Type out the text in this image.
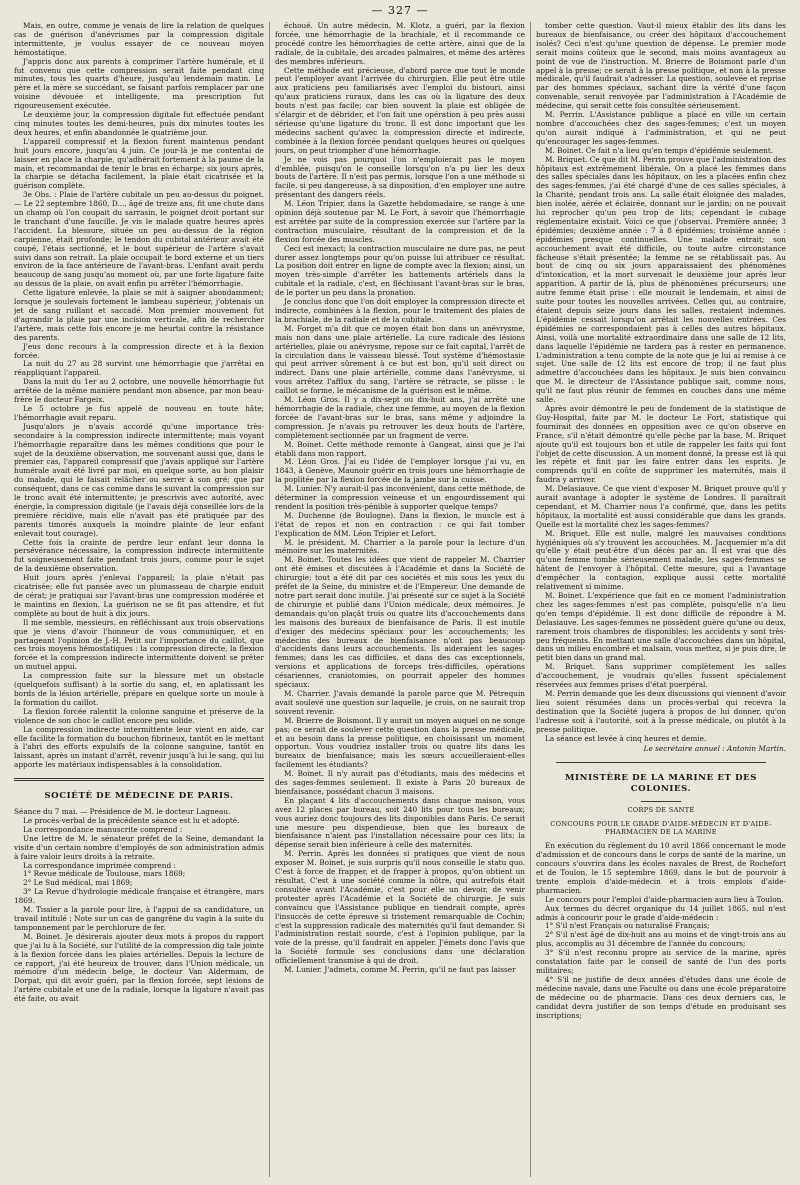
— 327 —

Mais, en outre, comme je venais de lire la relation de quelques cas de guérison d'anévrismes par la compression digitale intermittente, je voulus essayer de ce nouveau moyen hémostatique.

J'appris donc aux parents à comprimer l'artère humérale, et il fut convenu que cette compression serait faite pendant cinq minutes, tous les quarts d'heure, jusqu'au lendemain matin. Le père et la mère se succédant, se faisant parfois remplacer par une voisine dévouée et intelligente, ma prescription fut rigoureusement exécutée.

Le deuxième jour, la compression digitale fut effectuée pendant cinq minutes toutes les demi-heures, puis dix minutes toutes les deux heures, et enfin abandonnée le quatrième jour.

L'appareil compressif et la flexion furent maintenus pendant huit jours encore, jusqu'au 4 juin. Ce jour-là je me contentai de laisser en place la charpie, qu'adhérait fortement à la paume de la main, et recommandai de tenir le bras en écharpe; six jours après, la charpie se détacha facilement, la plaie était cicatrisée et la guérison complète.

3e Obs. : Plaie de l'artère cubitale un peu au-dessus du poignet. — Le 22 septembre 1860, D..., âgé de treize ans, fit une chute dans un champ où l'on coupait du sarrasin, le poignet droit portant sur le tranchant d'une faucille. Je vis le malade quatre heures après l'accident. La blessure, située un peu au-dessus de la région carpienne, était profonde; le tendon du cubital antérieur avait été coupé, l'étais sectionné, et le bout supérieur de l'artère s'avait suivi dans son retrait. La plaie occupait le bord externe et un tiers environ de la face antérieure de l'avant-bras. L'enfant avait perdu beaucoup de sang jusqu'au moment où, par une forte ligature faite au dessus de la plaie, on avait enfin pu arrêter l'hémorrhagie.

Cette ligature enlevée, la plaie se mit à saigner abondamment; lorsque je soulevais fortement le lambeau supérieur, j'obtenais un jet de sang ruillant et saccadé. Mon premier mouvement fut d'agrandir la plaie par une incision verticale, afin de rechercher l'artère, mais cette fois encore je me heurtai contre la résistance des parents.

J'eus donc recours à la compression directe et à la flexion forcée.

La nuit du 27 au 28 survint une hémorrhagie que j'arrêtai en réappliquant l'appareil.

Dans la nuit du 1er au 2 octobre, une nouvelle hémorrhagie fut arrêtée de la même manière pendant mon absence, par mon beau-frère le docteur Fargeix.

Le 5 octobre je fus appelé de nouveau en toute hâte; l'hémorrhagie avait reparu.

Jusqu'alors je n'avais accordé qu'une importance très-secondaire à la compression indirecte intermittente; mais voyant l'hémorrhagie reparaître dans les mêmes conditions que pour le sujet de la deuxième observation, me souvenant aussi que, dans le premier cas, l'appareil compressif que j'avais appliqué sur l'artère humérale avait été livré par moi, en quelque sorte, au bon plaisir du malade, qui le faisait relâcher ou serrer à son gré; que par conséquent, dans ce cas comme dans le suivant la compression sur le tronc avait été intermittente; je prescrivis avec autorité, avec énergie, la compression digitale (je l'avais déjà conseillée lors de la première récidive, mais elle n'avait pas été pratiquée par des parents timorés auxquels la moindre plainte de leur enfant enlevait tout courage).

Cette fois la crainte de perdre leur enfant leur donna la persévérance nécessaire, la compression indirecte intermittente fut soigneusement faite pendant trois jours, comme pour le sujet de la deuxième observation.

Huit jours après j'enlevai l'appareil; la plaie n'était pas cicatrisée; elle fut pansée avec un plumasseau de charpie enduit de cérat; je pratiquai sur l'avant-bras une compression modérée et le maintins en flexion. La guérison ne se fit pas attendre, et fut complète au bout de huit à dix jours.

Il me semble, messieurs, en réfléchissant aux trois observations que je viens d'avoir l'honneur de vous communiquer, et en partageant l'opinion de J.-H. Petit sur l'importance du caillot, que ces trois moyens hémostatiques : la compression directe, la flexion forcée et la compression indirecte intermittente doivent se prêter un mutuel appui.

La compression faite sur la blessure met un obstacle (quelquefois suffisant) à la sortie du sang, et, en aplatissant les bords de la lésion artérielle, prépare en quelque sorte un moule à la formation du caillot.

La flexion forcée ralentit la colonne sanguine et préserve de la violence de son choc le caillot encore peu solide.

La compression indirecte intermittente leur vient en aide, car elle facilite la formation du bouchon fibrineux, tantôt en le mettant à l'abri des efforts expulsifs de la colonne sanguine, tantôt en laissant, après un instant d'arrêt, revenir jusqu'à lui le sang, qui lui apporte les matériaux indispensables à la consolidation.

SOCIÉTÉ DE MÉDECINE DE PARIS.

Séance du 7 mai. — Présidence de M. le docteur Lagneau.

Le procès-verbal de la précédente séance est lu et adopté.

La correspondance manuscrite comprend :

Une lettre de M. le sénateur préfet de la Seine, demandant la visite d'un certain nombre d'employés de son administration admis à faire valoir leurs droits à la retraite.

La correspondance imprimée comprend :

1° Revue médicale de Toulouse, mars 1869;

2° Le Sud médical, mai 1869;

3° La Revue d'hydrologie médicale française et étrangère, mars 1869.

M. Tissier a la parole pour lire, à l'appui de sa candidature, un travail intitulé : Note sur un cas de gangrène du vagin à la suite du tamponnement par le perchlorure de fer.

M. Boinet. Je désirerais ajouter deux mots à propos du rapport que j'ai lu à la Société, sur l'utilité de la compression dig tale jointe à la flexion forcée dans les plaies artérielles. Depuis la lecture de ce rapport, j'ai été heureux de trouver, dans l'Union médicale, un mémoire d'un médecin belge, le docteur Van Aldermam, de Dorpat, qui dit avoir guéri, par la flexion forcée, sept lésions de l'artère cubitale et une de la radiale, lorsque la ligature n'avait pas été faite, ou avait

échoué. Un autre médecin, M. Klotz, a guéri, par la flexion forcée, une hémorrhagie de la brachiale, et il recommande ce procédé contre les hémorrhagies de cette artère, ainsi que de la radiale, de la cubitale, des arcades palmaires, et même des artères des membres inférieurs.

Cette méthode est précieuse, d'abord parce que tout le monde peut l'employer avant l'arrivée du chirurgien. Elle peut être utile aux praticiens peu familiarisés avec l'emploi du bistouri, ainsi qu'aux praticiens ruraux, dans les cas où la ligature des deux bouts n'est pas facile; car bien souvent la plaie est obligée de s'élargir et de débrider, et l'on fait une opération à peu près aussi sérieuse qu'une ligature du tronc. Il est donc important que les médecins sachent qu'avec la compression directe et indirecte, combinée à la flexion forcée pendant quelques heures ou quelques jours, on peut triompher d'une hémorrhagie.

Je ne vois pas pourquoi l'on n'emploierait pas le moyen d'emblée, puisqu'on le conseille lorsqu'on n'a pu lier les deux bouts de l'artère. Il n'est pas permis, lorsque l'on a une méthode si facile, si peu dangereuse, à sa disposition, d'en employer une autre présentant des dangers réels.

M. Léon Tripier, dans la Gazette hebdomadaire, se range à une opinion déjà soutenue par M. Le Fort, à savoir que l'hémorrhagie est arrêtée par suite de la compression exercée sur l'artère par la contraction musculaire, résultant de la compression et de la flexion forcée des muscles.

Ceci est inexact; la contraction musculaire ne dure pas, ne peut durer assez longtemps pour qu'on puisse lui attribuer ce résultat. La position doit entrer en ligne de compte avec la flexion; ainsi, un moyen très-simple d'arrêter les battements artériels dans la cubitale et la radiale, c'est, en fléchissant l'avant-bras sur le bras, de le porter un peu dans la pronation.

Je conclus donc que l'on doit employer la compression directe et indirecte, combinées à la flexion, pour le traitement des plaies de la brachiale, de la radiale et de la cubitale.

M. Forget m'a dit que ce moyen était bon dans un anévrysme, mais non dans une plaie artérielle. La cure radicale des lésions artérielles, plaie ou anévrysme, repose sur ce fait capital, l'arrêt de la circulation dans le vaisseau blessé. Tout système d'hémostasie qui peut arriver sûrement à ce but est bon, qu'il soit direct ou indirect. Dans une plaie artérielle, comme dans l'anévrysme, si vous arrêtez l'afflux du sang, l'artère se rétracte, se plisse : le caillot se forme, le mécanisme de la guérison est le même.

M. Léon Gros. Il y a dix-sept ou dix-huit ans, j'ai arrêté une hémorrhagie de la radiale, chez une femme, au moyen de la flexion forcée de l'avant-bras sur le bras, sans même y adjoindre la compression. Je n'avais pu retrouver les deux bouts de l'artère, complètement sectionnée par un fragment de verre.

M. Boinet. Cette méthode remonte à Gangeat, ainsi que je l'ai établi dans mon rapport.

M. Léon Gros. J'ai eu l'idée de l'employer lorsque j'ai vu, en 1843, à Genève, Maunoir guérir en trois jours une hémorrhagie de la poplitée par la flexion forcée de la jambe sur la cuisse.

M. Lunier. N'y aurait-il pas inconvénient, dans cette méthode, de déterminer la compression veineuse et un engourdissement qui rendent la position très-pénible à supporter quelque temps?

M. Duchenne (de Boulogne). Dans la flexion, le muscle est à l'état de repos et non en contraction : ce qui fait tomber l'explication de MM. Léon Tripier et Lefort.

M. le président. M. Charrier a la parole pour la lecture d'un mémoire sur les maternités.

M. Boinet. Toutes les idées que vient de rappeler M. Charrier ont été émises et discutées à l'Académie et dans la Société de chirurgie; tout a été dit par ces sociétés et mis sous les yeux du préfet de la Seine, du ministre et de l'Empereur. Une demande de notre part serait donc inutile. J'ai présenté sur ce sujet à la Société de chirurgie et publié dans l'Union médicale, deux mémoires. Je demandais qu'on plaçât trois ou quatre lits d'accouchements dans les maisons des bureaux de bienfaisance de Paris. Il est inutile d'exiger des médecins spéciaux pour les accouchements; les médecins des bureaux de bienfaisance n'ont pas beaucoup d'accidents dans leurs accouchements. Ils aideraient les sages-femmes; dans les cas difficiles, et dans des cas exceptionnels, versions et applications de forceps très-difficiles, opérations césariennes, craniotomies, on pourrait appeler des hommes spéciaux.

M. Charrier. J'avais demandé la parole parce que M. Pétrequin avait soulevé une question sur laquelle, je crois, on ne saurait trop souvent revenir.

M. Brierre de Boismont. Il y aurait un moyen auquel on ne songe pas; ce serait de soulever cette question dans la presse médicale, et au besoin dans la presse politique, en choisissant un moment opportun. Vous voudriez installer trois ou quatre lits dans les bureaux de bienfaisance; mais les sœurs accueilleraient-elles facilement les étudiants?

M. Boinet. Il n'y aurait pas d'étudiants, mais des médecins et des sages-femmes seulement. Il existe à Paris 20 bureaux de bienfaisance, possédant chacun 3 maisons.

En plaçant 4 lits d'accouchements dans chaque maison, vous avez 12 places par bureau, soit 240 lits pour tous les bureaux; vous auriez donc toujours des lits disponibles dans Paris. Ce serait une mesure peu dispendieuse, bien que les bureaux de bienfaisance n'aient pas l'installation nécessaire pour ces lits; la dépense serait bien inférieure à celle des maternités.

M. Perrin. Après les données si pratiques que vient de nous exposer M. Boinet, je suis surpris qu'il nous conseille le statu quo. C'est à force de frapper, et de frapper à propos, qu'on obtient un résultat. C'est à une société comme la nôtre, qui autrefois était consultée avant l'Académie, c'est pour elle un devoir, de venir protester après l'Académie et la Société de chirurgie. Je suis convaincu que l'Assistance publique en tiendrait compte, après l'insuccès de cette épreuve si tristement remarquable de Cochin; c'est la suppression radicale des maternités qu'il faut demander. Si l'administration restait sourde, c'est à l'opinion publique, par la voie de la presse, qu'il faudrait en appeler. J'émets donc l'avis que la Société formule ses conclusions dans une déclaration officiellement transmise à qui de droit.

M. Lunier. J'admets, comme M. Perrin, qu'il ne faut pas laisser

tomber cette question. Vaut-il mieux établir des lits dans les bureaux de bienfaisance, ou créer des hôpitaux d'accouchement isolés? Ceci n'est qu'une question de dépense. Le premier mode serait moins coûteux que le second, mais moins avantageux au point de vue de l'instruction. M. Brierre de Boismont parle d'un appel à la presse; ce serait à la presse politique, et non à la presse médicale, qu'il faudrait s'adresser. La question, soulevée et reprise par des hommes spéciaux, sachant dire la vérité d'une façon convenable, serait renvoyée par l'administration à l'Académie de médecine, qui serait cette fois consultée sérieusement.

M. Perrin. L'Assistance publique a placé en ville un certain nombre d'accouchées chez des sages-femmes; c'est un moyen qu'on aurait indiqué à l'administration, et qui ne peut qu'encourager les sages-femmes.

M. Boinet. Ce fait n'a lieu qu'en temps d'épidémie seulement.

M. Briquet. Ce que dit M. Perrin prouve que l'administration des hôpitaux est extrêmement libérale. On a placé les femmes dans des salles spéciales dans les hôpitaux, on les a placées enfin chez des sages-femmes, j'ai été chargé d'une de ces salles spéciales, à la Charité, pendant trois ans. La salle était éloignée des malades, bien isolée, aérée et éclairée, donnant sur le jardin; on ne pouvait lui reprocher qu'un peu trop de lits; cependant le cubage réglementaire existait. Voici ce que j'observai. Première année; 3 épidémies; deuxième année : 7 à 8 épidémies; troisième année : épidémies presque continuelles. Une malade entrait; son accouchement avait été difficile, ou toute autre circonstance fâcheuse s'était présentée; la femme ne se rétablissait pas. Au bout de cinq ou six jours apparaissaient des phénomènes d'intoxication, et la mort survenait le deuxième jour après leur apparition. A partir de là, plus de phénomènes précurseurs; une autre femme était prise : elle mourait le lendemain, et ainsi de suite pour toutes les nouvelles arrivées. Celles qui, au contraire, étaient depuis seize jours dans les salles, restaient indemnes. L'épidémie cessait lorsqu'on arrêtait les nouvelles entrées. Ces épidémies ne correspondaient pas à celles des autres hôpitaux. Ainsi, voilà une mortalité extraordinaire dans une salle de 12 lits, dans laquelle l'épidémie ne tardera pas à rester en permanence. L'administration a tenu compte de la note que je lui ai remise à ce sujet. Une salle de 12 lits est encore de trop; il ne faut plus admettre d'accouchées dans les hôpitaux. Je suis bien convaincu que M. le directeur de l'Assistance publique sait, comme nous, qu'il ne faut plus réunir de femmes en couches dans une même salle.

Après avoir démontré le peu de fondement de la statistique de Guy-Hospital, faite par M. le docteur Le Fort, statistique qui fournirait des données en opposition avec ce qu'on observe en France, s'il n'était démontré qu'elle pèche par la base, M. Briquet ajoute qu'il est toujours bon et utile de rappeler les faits qui font l'objet de cette discussion. A un moment donné, la presse est là qui les répète et finit par les faire entrer dans les esprits. Je comprends qu'il en coûte de supprimer les maternités, mais il faudra y arriver.

M. Delasiauve. Ce que vient d'exposer M. Briquet prouve qu'il y aurait avantage à adopter le système de Londres. Il paraîtrait cependant, et M. Charrier nous l'a confirmé, que, dans les petits hôpitaux, la mortalité est aussi considérable que dans les grands. Quelle est la mortalité chez les sages-femmes?

M. Briquet. Elle est nulle, malgré les mauvaises conditions hygiéniques où s'y trouvent les accouchées. M. Jacquemier m'a dit qu'elle y était peut-être d'un décès par an. Il est vrai que dès qu'une femme tombe sérieusement malade, les sages-femmes se hâtent de l'envoyer à l'hôpital. Cette mesure, qui a l'avantage d'empêcher la contagion, explique aussi cette mortalité relativement si minime.

M. Boinet. L'expérience que fait en ce moment l'administration chez les sages-femmes n'est pas complète, puisqu'elle n'a lieu qu'en temps d'épidémie. Il est donc difficile de répondre à M. Delasiauve. Les sages-femmes ne possèdent guère qu'une ou deux, rarement trois chambres de disponibles; les accidents y sont très-peu fréquents. En mettant une salle d'accouchées dans un hôpital, dans un milieu encombré et malsain, vous mettez, si je puis dire, le petit bien dans un grand mal.

M. Briquet. Sans supprimer complètement les salles d'accouchement, je voudrais qu'elles fussent spécialement réservées aux femmes prises d'état puerpéral.

M. Perrin demande que les deux discussions qui viennent d'avoir lieu soient résumées dans un procès-verbal qui recevra la destination que la Société jugera à propos de lui donner, qu'on l'adresse soit à l'autorité, soit à la presse médicale, ou plutôt à la presse politique.

La séance est levée à cinq heures et demie.

Le secrétaire annuel : Antonin Martin.
MINISTÈRE DE LA MARINE ET DES COLONIES.
CORPS DE SANTÉ
CONCOURS POUR LE GRADE D'AIDE-MÉDECIN ET D'AIDE-PHARMACIEN DE LA MARINE

En exécution du règlement du 10 avril 1866 concernant le mode d'admission et de concours dans le corps de santé de la marine, un concours s'ouvrira dans les écoles navales de Brest, de Rochefort et de Toulon, le 15 septembre 1869, dans le but de pourvoir à trente emplois d'aide-médecin et à trois emplois d'aide-pharmacien.

Le concours pour l'emploi d'aide-pharmacien aura lieu à Toulon.

Aux termes du décret organique du 14 juillet 1865, nul n'est admis à concourir pour le grade d'aide-médecin :

1° S'il n'est Français ou naturalisé Français;

2° S'il n'est âgé de dix-huit ans au moins et de vingt-trois ans au plus, accomplis au 31 décembre de l'année du concours;

3° S'il n'est reconnu propre au service de la marine, après constatation faite par le conseil de santé de l'un des ports militaires;

4° S'il ne justifie de deux années d'études dans une école de médecine navale, dans une Faculté ou dans une école préparatoire de médecine ou de pharmacie. Dans ces deux derniers cas, le candidat devra justifier de son temps d'étude en produisant ses inscriptions;
